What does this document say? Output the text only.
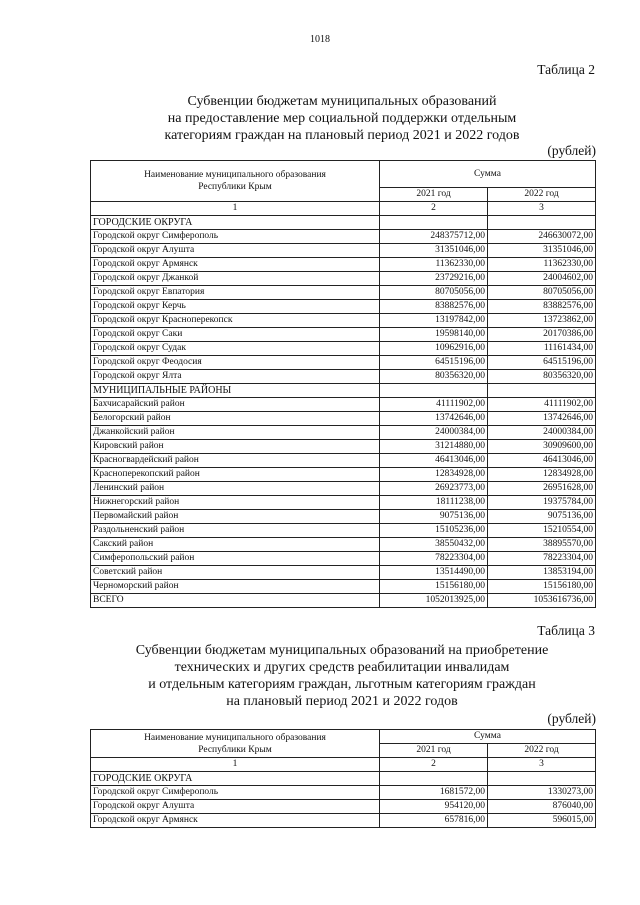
1018
Таблица 2
Субвенции бюджетам муниципальных образований
на предоставление мер социальной поддержки отдельным
категориям граждан на плановый период 2021 и 2022 годов
(рублей)
Наименование муниципального образования
Республики Крым	Сумма	
	2021 год	2022 год
1	2	3
ГОРОДСКИЕ ОКРУГА		
Городской округ Симферополь	248375712,00	246630072,00
Городской округ Алушта	31351046,00	31351046,00
Городской округ Армянск	11362330,00	11362330,00
Городской округ Джанкой	23729216,00	24004602,00
Городской округ Евпатория	80705056,00	80705056,00
Городской округ Керчь	83882576,00	83882576,00
Городской округ Красноперекопск	13197842,00	13723862,00
Городской округ Саки	19598140,00	20170386,00
Городской округ Судак	10962916,00	11161434,00
Городской округ Феодосия	64515196,00	64515196,00
Городской округ Ялта	80356320,00	80356320,00
МУНИЦИПАЛЬНЫЕ РАЙОНЫ		
Бахчисарайский район	41111902,00	41111902,00
Белогорский район	13742646,00	13742646,00
Джанкойский район	24000384,00	24000384,00
Кировский район	31214880,00	30909600,00
Красногвардейский район	46413046,00	46413046,00
Красноперекопский район	12834928,00	12834928,00
Ленинский район	26923773,00	26951628,00
Нижнегорский район	18111238,00	19375784,00
Первомайский район	9075136,00	9075136,00
Раздольненский район	15105236,00	15210554,00
Сакский район	38550432,00	38895570,00
Симферопольский район	78223304,00	78223304,00
Советский район	13514490,00	13853194,00
Черноморский район	15156180,00	15156180,00
ВСЕГО	1052013925,00	1053616736,00
Таблица 3
Субвенции бюджетам муниципальных образований на приобретение
технических и других средств реабилитации инвалидам
и отдельным категориям граждан, льготным категориям граждан
на плановый период 2021 и 2022 годов
(рублей)
Наименование муниципального образования
Республики Крым	Сумма	
	2021 год	2022 год
1	2	3
ГОРОДСКИЕ ОКРУГА		
Городской округ Симферополь	1681572,00	1330273,00
Городской округ Алушта	954120,00	876040,00
Городской округ Армянск	657816,00	596015,00
